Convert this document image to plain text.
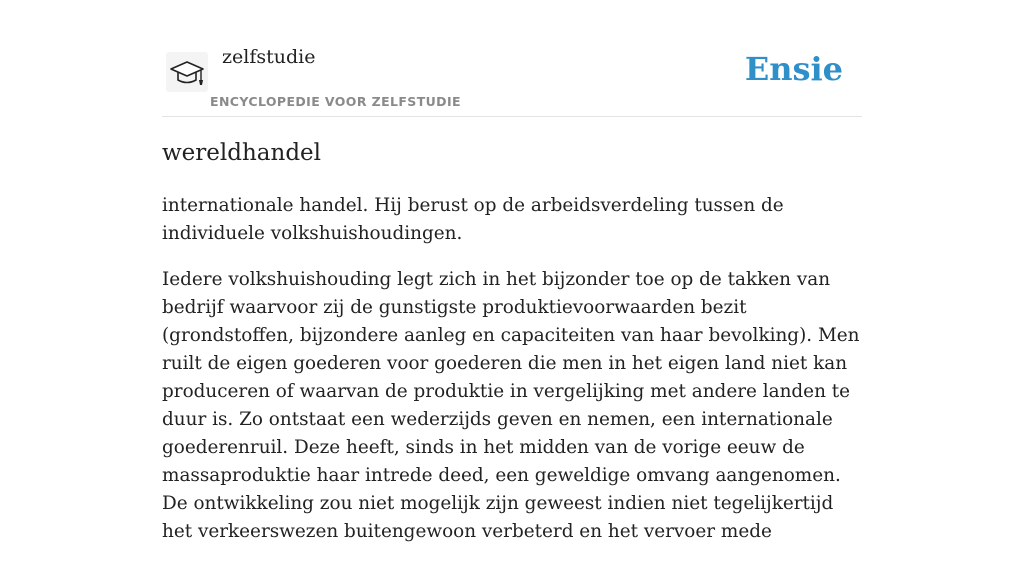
zelfstudie
ENCYCLOPEDIE VOOR ZELFSTUDIE
Ensie
wereldhandel

internationale handel. Hij berust op de arbeidsverdeling tussen de individuele volkshuishoudingen.

Iedere volkshuishouding legt zich in het bijzonder toe op de takken van bedrijf waarvoor zij de gunstigste produktievoorwaarden bezit (grondstoffen, bijzondere aanleg en capaciteiten van haar bevolking). Men ruilt de eigen goederen voor goederen die men in het eigen land niet kan produceren of waarvan de produktie in vergelijking met andere landen te duur is. Zo ontstaat een wederzijds geven en nemen, een internationale goederenruil. Deze heeft, sinds in het midden van de vorige eeuw de massaproduktie haar intrede deed, een geweldige omvang aangenomen. De ontwikkeling zou niet mogelijk zijn geweest indien niet tegelijkertijd het verkeerswezen buitengewoon verbeterd en het vervoer mede
